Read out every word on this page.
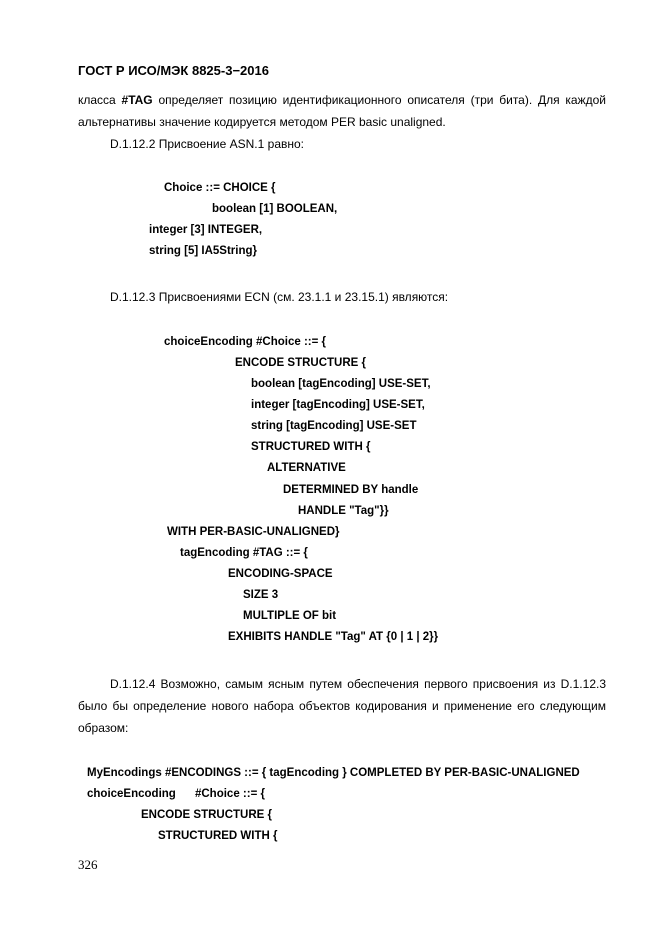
ГОСТ Р ИСО/МЭК 8825-3−2016
класса #TAG определяет позицию идентификационного описателя (три бита). Для каждой альтернативы значение кодируется методом PER basic unaligned.
D.1.12.2 Присвоение ASN.1 равно:
Choice ::= CHOICE {
boolean [1] BOOLEAN,
integer [3] INTEGER,
string [5] IA5String}
D.1.12.3 Присвоениями ECN (см. 23.1.1 и 23.15.1) являются:
choiceEncoding #Choice ::= {
ENCODE STRUCTURE {
boolean [tagEncoding] USE-SET,
integer [tagEncoding] USE-SET,
string [tagEncoding] USE-SET
STRUCTURED WITH {
ALTERNATIVE
DETERMINED BY handle
HANDLE "Tag"}}
WITH PER-BASIC-UNALIGNED}
tagEncoding #TAG ::= {
ENCODING-SPACE
SIZE 3
MULTIPLE OF bit
EXHIBITS HANDLE "Tag" AT {0 | 1 | 2}}
D.1.12.4 Возможно, самым ясным путем обеспечения первого присвоения из D.1.12.3 было бы определение нового набора объектов кодирования и применение его следующим образом:
MyEncodings #ENCODINGS ::= { tagEncoding } COMPLETED BY PER-BASIC-UNALIGNED
choiceEncoding      #Choice ::= {
ENCODE STRUCTURE {
STRUCTURED WITH {
326
